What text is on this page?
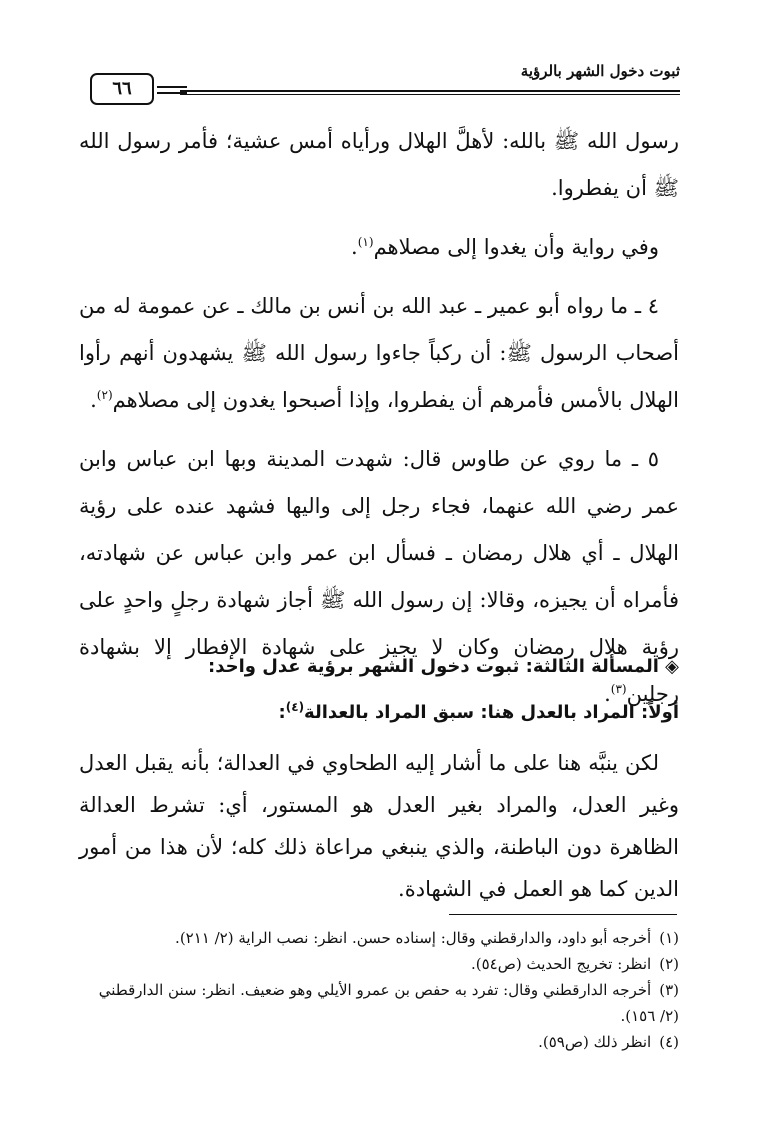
ثبوت دخول الشهر بالرؤية
٦٦

رسول الله ﷺ بالله: لأهلَّ الهلال ورأياه أمس عشية؛ فأمر رسول الله ﷺ أن يفطروا.

وفي رواية وأن يغدوا إلى مصلاهم$^{(١)}$.

٤ ـ ما رواه أبو عمير ـ عبد الله بن أنس بن مالك ـ عن عمومة له من أصحاب الرسول ﷺ: أن ركباً جاءوا رسول الله ﷺ يشهدون أنهم رأوا الهلال بالأمس فأمرهم أن يفطروا، وإذا أصبحوا يغدون إلى مصلاهم$^{(٢)}$.

٥ ـ ما روي عن طاوس قال: شهدت المدينة وبها ابن عباس وابن عمر رضي الله عنهما، فجاء رجل إلى واليها فشهد عنده على رؤية الهلال ـ أي هلال رمضان ـ فسأل ابن عمر وابن عباس عن شهادته، فأمراه أن يجيزه، وقالا: إن رسول الله ﷺ أجاز شهادة رجلٍ واحدٍ على رؤية هلال رمضان وكان لا يجيز على شهادة الإفطار إلا بشهادة رجلين$^{(٣)}$.

◈ المسألة الثالثة: ثبوت دخول الشهر برؤية عدل واحد:
أولاً: المراد بالعدل هنا: سبق المراد بالعدالة$^{(٤)}$:

لكن ينبَّه هنا على ما أشار إليه الطحاوي في العدالة؛ بأنه يقبل العدل وغير العدل، والمراد بغير العدل هو المستور، أي: تشرط العدالة الظاهرة دون الباطنة، والذي ينبغي مراعاة ذلك كله؛ لأن هذا من أمور الدين كما هو العمل في الشهادة.

(١)أخرجه أبو داود، والدارقطني وقال: إسناده حسن. انظر: نصب الراية (٢/ ٢١١).

(٢)انظر: تخريج الحديث (ص٥٤).

(٣)أخرجه الدارقطني وقال: تفرد به حفص بن عمرو الأيلي وهو ضعيف. انظر: سنن الدارقطني (٢/ ١٥٦).

(٤)انظر ذلك (ص٥٩).
